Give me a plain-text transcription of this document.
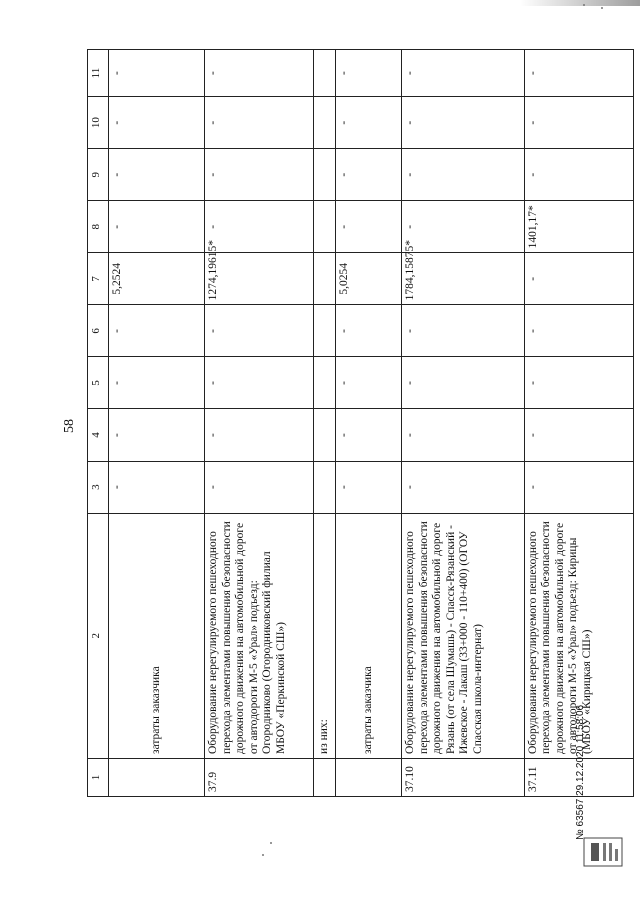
58
1	2	3	4	5	6	7	8	9	10	11
	затраты заказчика	-	-	-	-	5,2524	-	-	-	-
37.9	Оборудование нерегулируемого пешеходного перехода элементами повышения безопасности дорожного движения на автомобильной дороге от автодороги М-5 «Урал» подъезд: Огородниково (Огородниковский филиал МБОУ «Перкинской СШ»)	-	-	-	-	1274,19615*	-	-	-	-
	из них:									
	затраты заказчика	-	-	-	-	5,0254	-	-	-	-
37.10	Оборудование нерегулируемого пешеходного перехода элементами повышения безопасности дорожного движения на автомобильной дороге Рязань (от села Шумашь) - Спасск-Рязанский - Ижевское - Лакаш (33+000 - 110+400) (ОГОУ Спасская школа-интернат)	-	-	-	-	1784,15875*	-	-	-	-
37.11	Оборудование нерегулируемого пешеходного перехода элементами повышения безопасности дорожного движения на автомобильной дороге от автодороги М-5 «Урал» подъезд: Кирицы (МБОУ «Кирицкая СШ»)	-	-	-	-	-	1401,17*	-	-	-
№ 63567 29.12.2020 11:58:06
